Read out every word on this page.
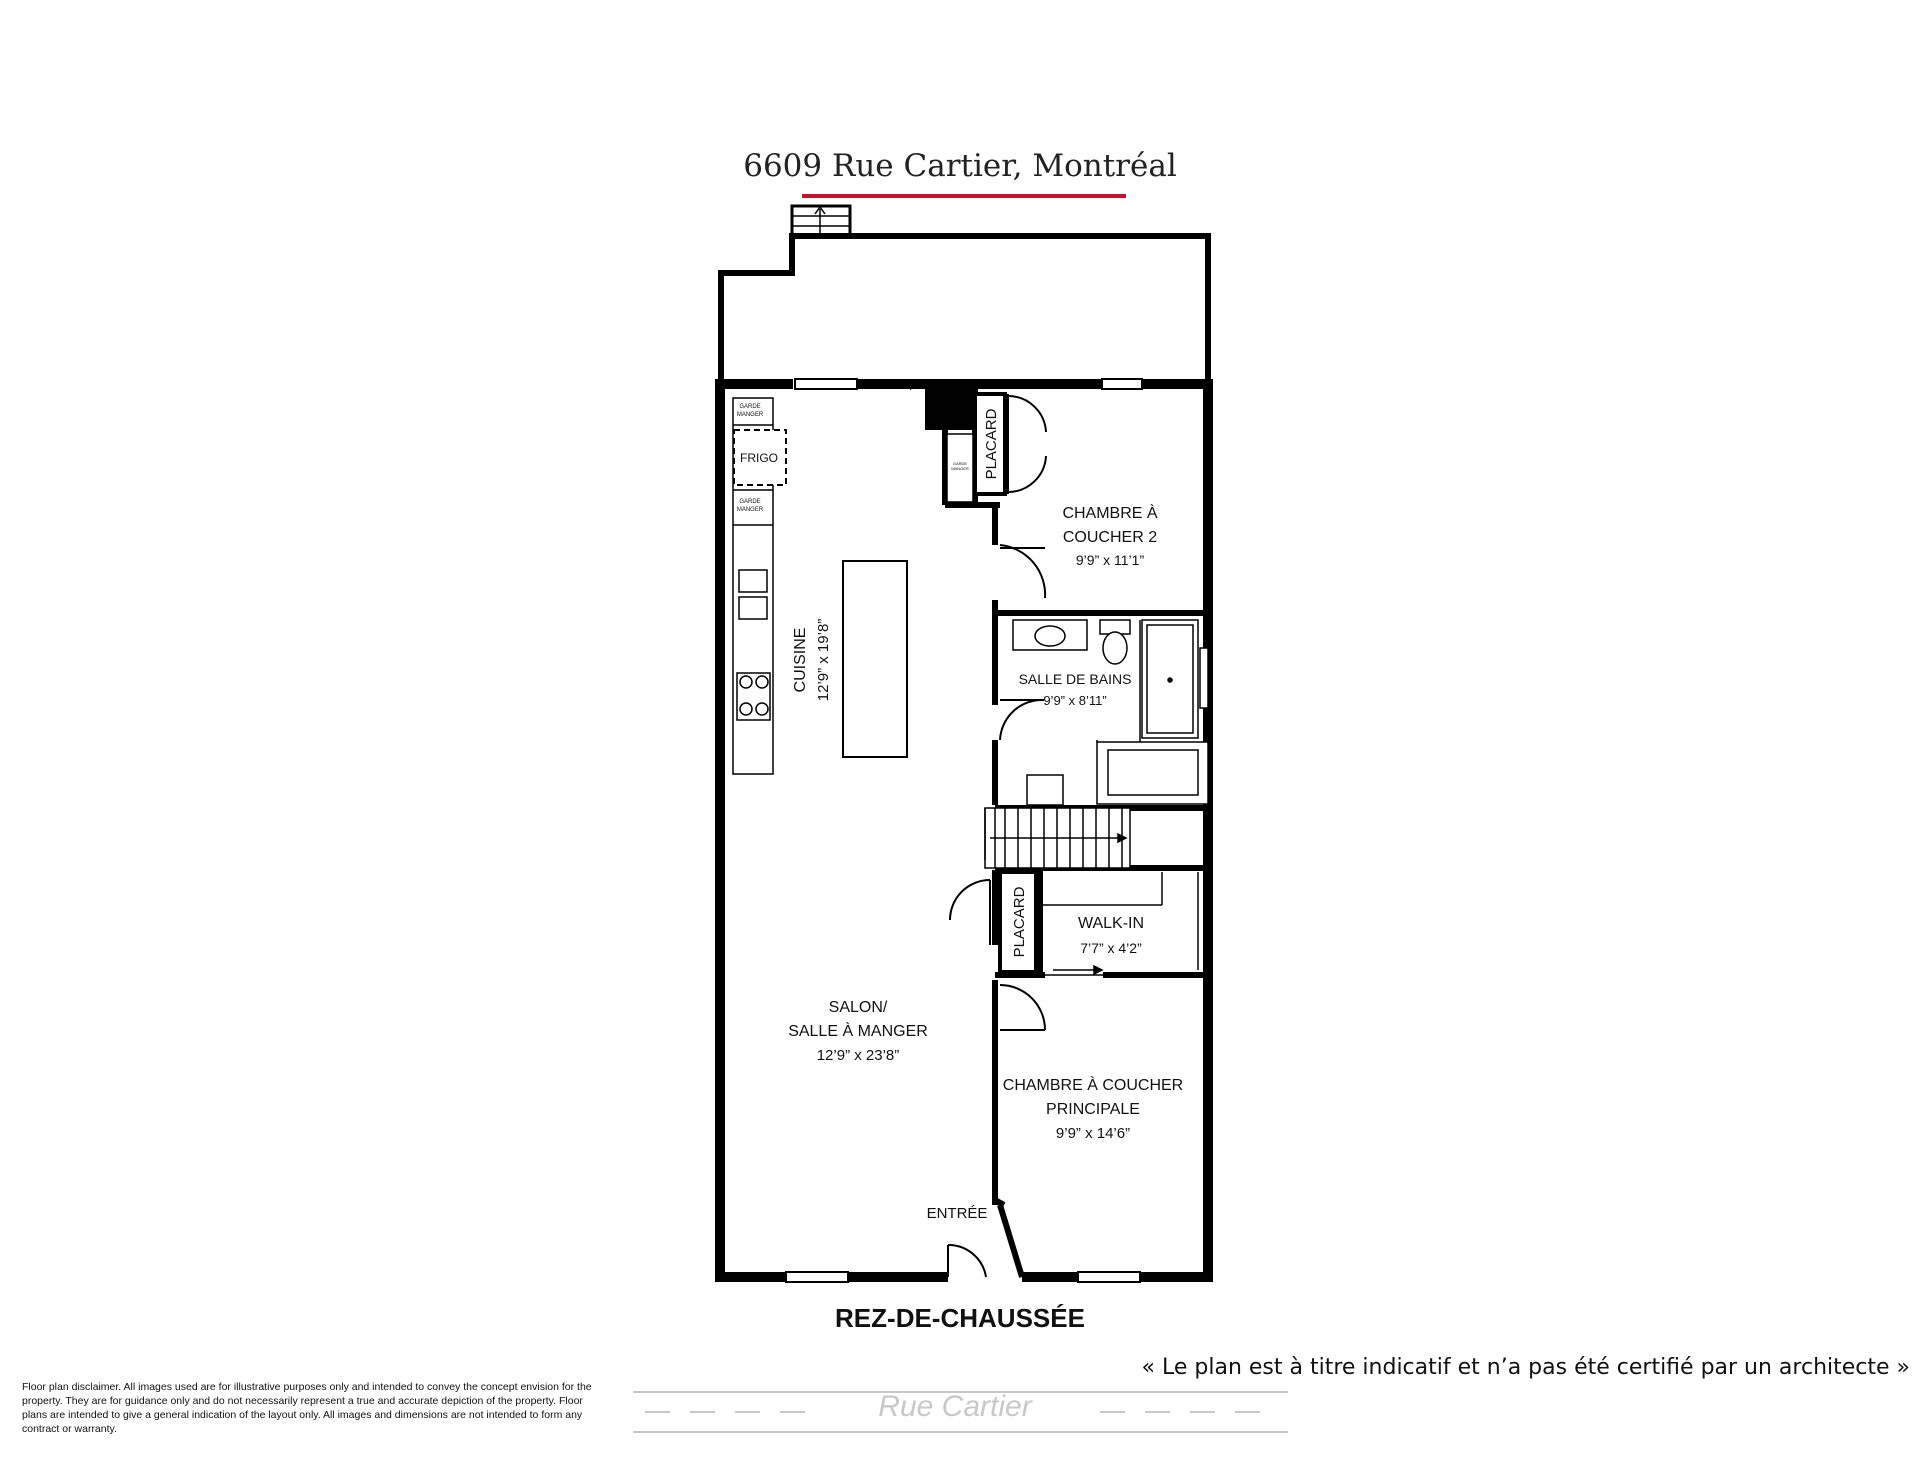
6609 Rue Cartier, Montréal
CHAMBRE À
COUCHER 2
9’9” x 11’1”
SALLE DE BAINS
9’9” x 8’11”
CUISINE 12’9” x 19’8”
WALK-IN
7’7” x 4’2”
SALON/
SALLE À MANGER
12’9” x 23’8”
CHAMBRE À COUCHER
PRINCIPALE
9’9” x 14’6”
ENTRÉE
PLACARD
PLACARD
FRIGO
GARDE
MANGER
GARDE
MANGER
GARDE
MANGER
REZ-DE-CHAUSSÉE
« Le plan est à titre indicatif et n’a pas été certifié par un architecte »
Rue Cartier
Floor plan disclaimer. All images used are for illustrative purposes only and intended to convey the concept envision for the property. They are for guidance only and do not necessarily represent a true and accurate depiction of the property. Floor plans are intended to give a general indication of the layout only. All images and dimensions are not intended to form any contract or warranty.
